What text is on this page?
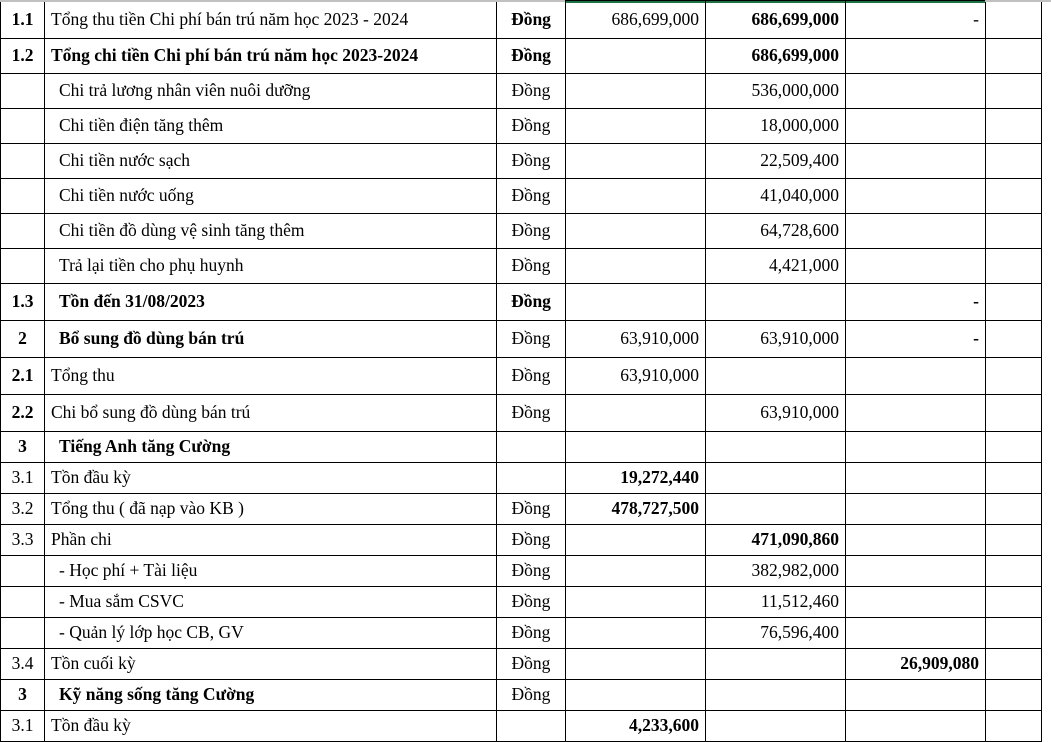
1.1	Tổng thu tiền Chi phí bán trú năm học 2023 - 2024	Đồng	686,699,000	686,699,000	-	
1.2	Tổng chi tiền Chi phí bán trú năm học 2023-2024	Đồng		686,699,000		
	Chi trả lương nhân viên nuôi dưỡng	Đồng		536,000,000		
	Chi tiền điện tăng thêm	Đồng		18,000,000		
	Chi tiền nước sạch	Đồng		22,509,400		
	Chi tiền nước uống	Đồng		41,040,000		
	Chi tiền đồ dùng vệ sinh tăng thêm	Đồng		64,728,600		
	Trả lại tiền cho phụ huynh	Đồng		4,421,000		
1.3	Tồn đến 31/08/2023	Đồng			-	
2	Bổ sung đồ dùng bán trú	Đồng	63,910,000	63,910,000	-	
2.1	Tổng thu	Đồng	63,910,000			
2.2	Chi bổ sung đồ dùng bán trú	Đồng		63,910,000		
3	Tiếng Anh tăng Cường					
3.1	Tồn đầu kỳ		19,272,440			
3.2	Tổng thu ( đã nạp vào KB )	Đồng	478,727,500			
3.3	Phần chi	Đồng		471,090,860		
	- Học phí + Tài liệu	Đồng		382,982,000		
	- Mua sắm CSVC	Đồng		11,512,460		
	- Quản lý lớp học CB, GV	Đồng		76,596,400		
3.4	Tồn cuối kỳ	Đồng			26,909,080	
3	Kỹ năng sống tăng Cường	Đồng				
3.1	Tồn đầu kỳ		4,233,600			
